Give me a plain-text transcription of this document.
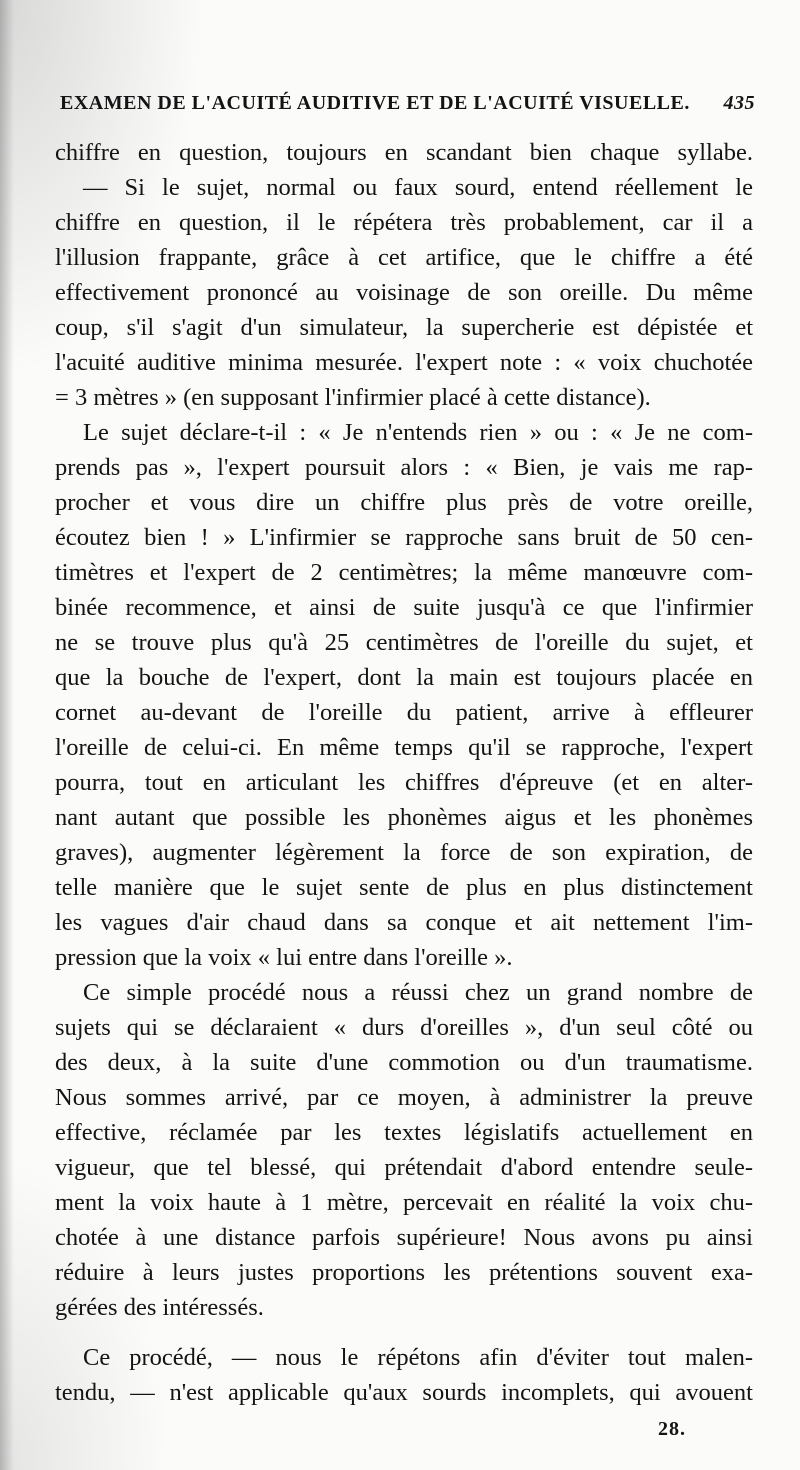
EXAMEN DE L'ACUITÉ AUDITIVE ET DE L'ACUITÉ VISUELLE. 435
chiffre en question, toujours en scandant bien chaque syllabe.
— Si le sujet, normal ou faux sourd, entend réellement le
chiffre en question, il le répétera très probablement, car il a
l'illusion frappante, grâce à cet artifice, que le chiffre a été
effectivement prononcé au voisinage de son oreille. Du même
coup, s'il s'agit d'un simulateur, la supercherie est dépistée et
l'acuité auditive minima mesurée. l'expert note : « voix chuchotée
= 3 mètres » (en supposant l'infirmier placé à cette distance).
Le sujet déclare-t-il : « Je n'entends rien » ou : « Je ne com-
prends pas », l'expert poursuit alors : « Bien, je vais me rap-
procher et vous dire un chiffre plus près de votre oreille,
écoutez bien ! » L'infirmier se rapproche sans bruit de 50 cen-
timètres et l'expert de 2 centimètres; la même manœuvre com-
binée recommence, et ainsi de suite jusqu'à ce que l'infirmier
ne se trouve plus qu'à 25 centimètres de l'oreille du sujet, et
que la bouche de l'expert, dont la main est toujours placée en
cornet au-devant de l'oreille du patient, arrive à effleurer
l'oreille de celui-ci. En même temps qu'il se rapproche, l'expert
pourra, tout en articulant les chiffres d'épreuve (et en alter-
nant autant que possible les phonèmes aigus et les phonèmes
graves), augmenter légèrement la force de son expiration, de
telle manière que le sujet sente de plus en plus distinctement
les vagues d'air chaud dans sa conque et ait nettement l'im-
pression que la voix « lui entre dans l'oreille ».
Ce simple procédé nous a réussi chez un grand nombre de
sujets qui se déclaraient « durs d'oreilles », d'un seul côté ou
des deux, à la suite d'une commotion ou d'un traumatisme.
Nous sommes arrivé, par ce moyen, à administrer la preuve
effective, réclamée par les textes législatifs actuellement en
vigueur, que tel blessé, qui prétendait d'abord entendre seule-
ment la voix haute à 1 mètre, percevait en réalité la voix chu-
chotée à une distance parfois supérieure! Nous avons pu ainsi
réduire à leurs justes proportions les prétentions souvent exa-
gérées des intéressés.
Ce procédé, — nous le répétons afin d'éviter tout malen-
tendu, — n'est applicable qu'aux sourds incomplets, qui avouent
28.
